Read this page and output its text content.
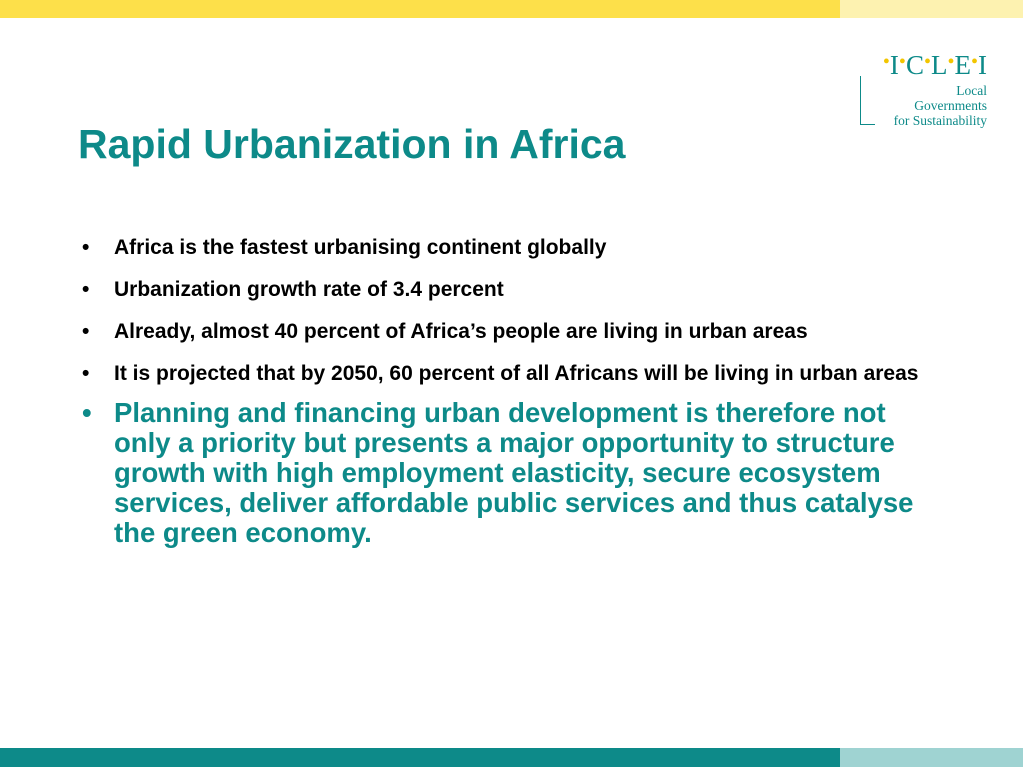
•I•C•L•E•I
Local
Governments
for Sustainability
Rapid Urbanization in Africa
• Africa is the fastest urbanising continent globally
• Urbanization growth rate of 3.4 percent
• Already, almost 40 percent of Africa’s people are living in urban areas
• It is projected that by 2050, 60 percent of all Africans will be living in urban areas
• Planning and financing urban development is therefore not only a priority but presents a major opportunity to structure growth with high employment elasticity, secure ecosystem services, deliver affordable public services and thus catalyse the green economy.
